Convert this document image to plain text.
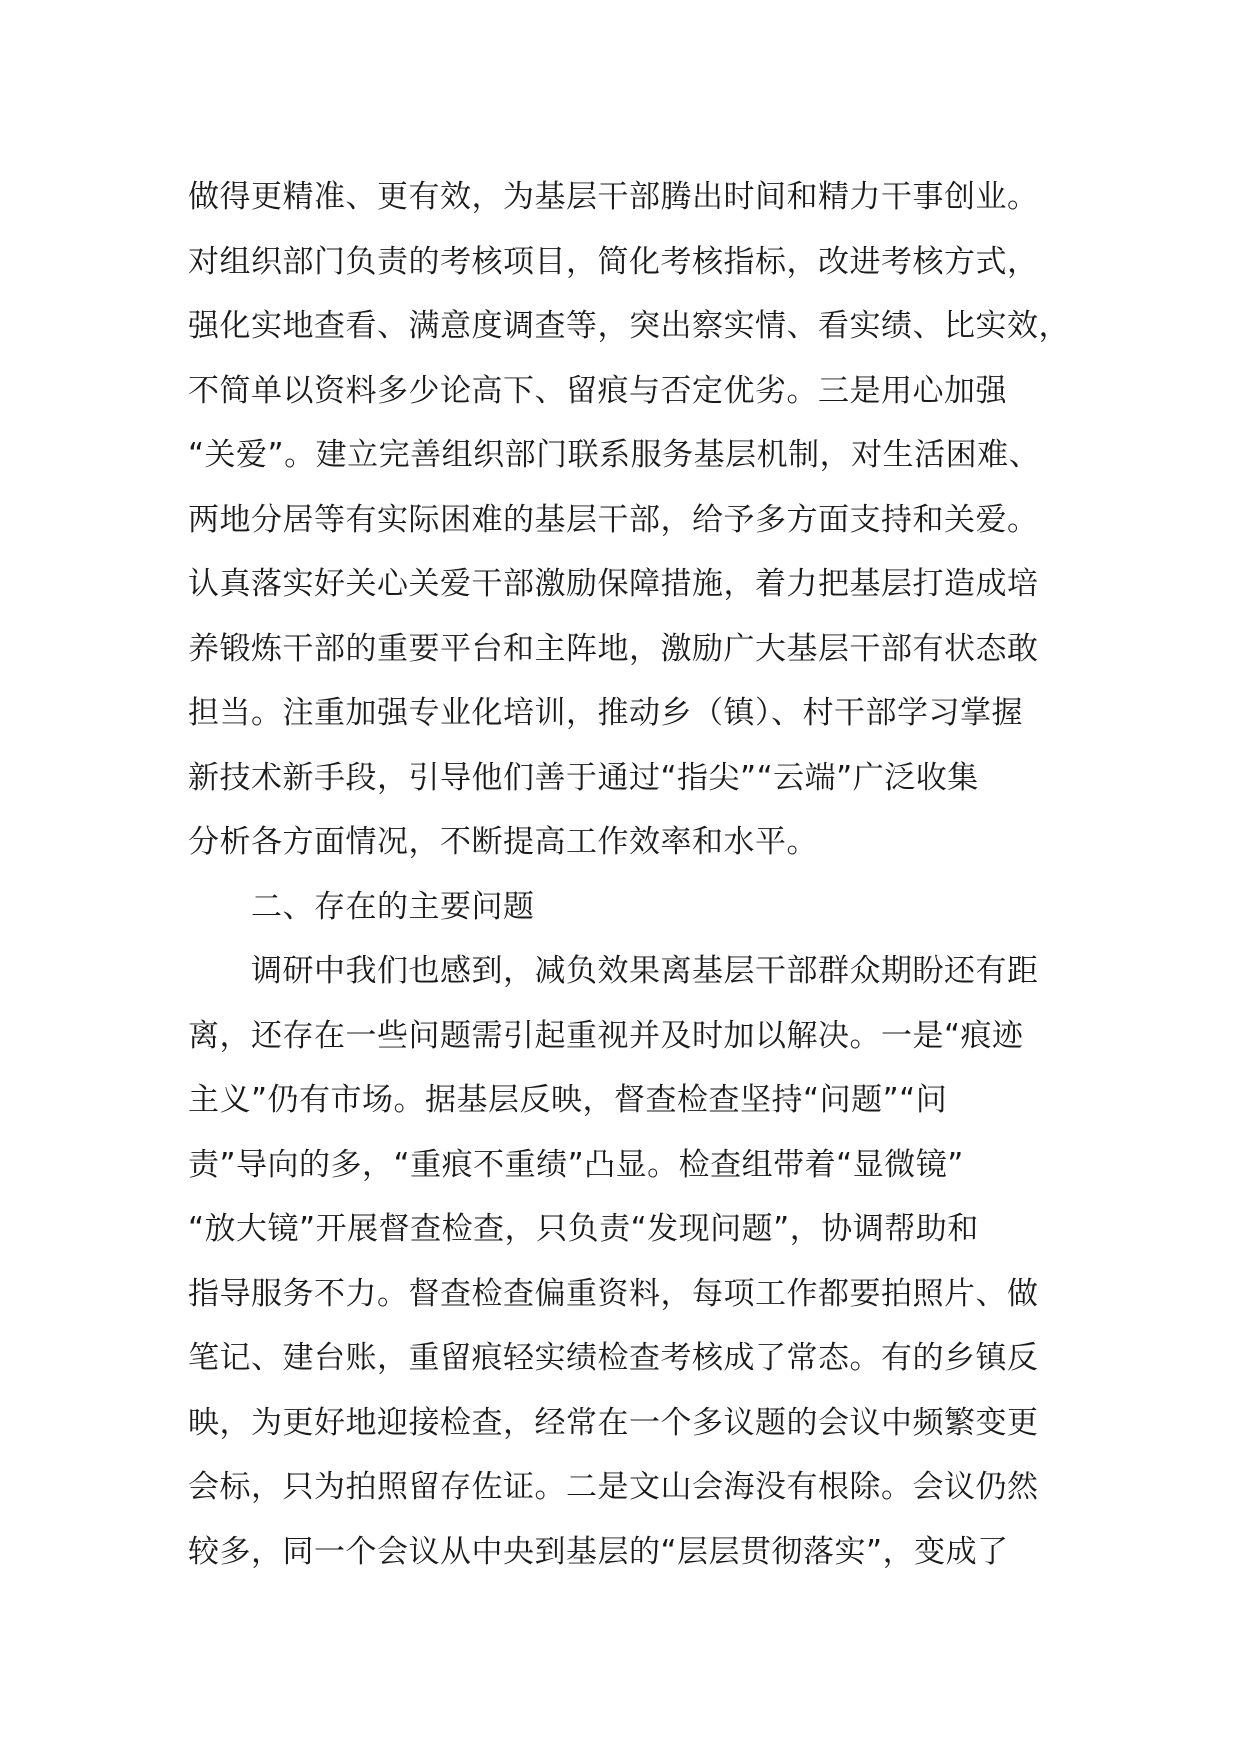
做得更精准、更有效，为基层干部腾出时间和精力干事创业。
对组织部门负责的考核项目，简化考核指标，改进考核方式，
强化实地查看、满意度调查等，突出察实情、看实绩、比实效，
不简单以资料多少论高下、留痕与否定优劣。三是用心加强
“关爱”。建立完善组织部门联系服务基层机制，对生活困难、
两地分居等有实际困难的基层干部，给予多方面支持和关爱。
认真落实好关心关爱干部激励保障措施，着力把基层打造成培
养锻炼干部的重要平台和主阵地，激励广大基层干部有状态敢
担当。注重加强专业化培训，推动乡（镇）、村干部学习掌握
新技术新手段，引导他们善于通过“指尖”“云端”广泛收集
分析各方面情况，不断提高工作效率和水平。
二、存在的主要问题
调研中我们也感到，减负效果离基层干部群众期盼还有距
离，还存在一些问题需引起重视并及时加以解决。一是“痕迹
主义”仍有市场。据基层反映，督查检查坚持“问题”“问
责”导向的多，“重痕不重绩”凸显。检查组带着“显微镜”
“放大镜”开展督查检查，只负责“发现问题”，协调帮助和
指导服务不力。督查检查偏重资料，每项工作都要拍照片、做
笔记、建台账，重留痕轻实绩检查考核成了常态。有的乡镇反
映，为更好地迎接检查，经常在一个多议题的会议中频繁变更
会标，只为拍照留存佐证。二是文山会海没有根除。会议仍然
较多，同一个会议从中央到基层的“层层贯彻落实”，变成了
